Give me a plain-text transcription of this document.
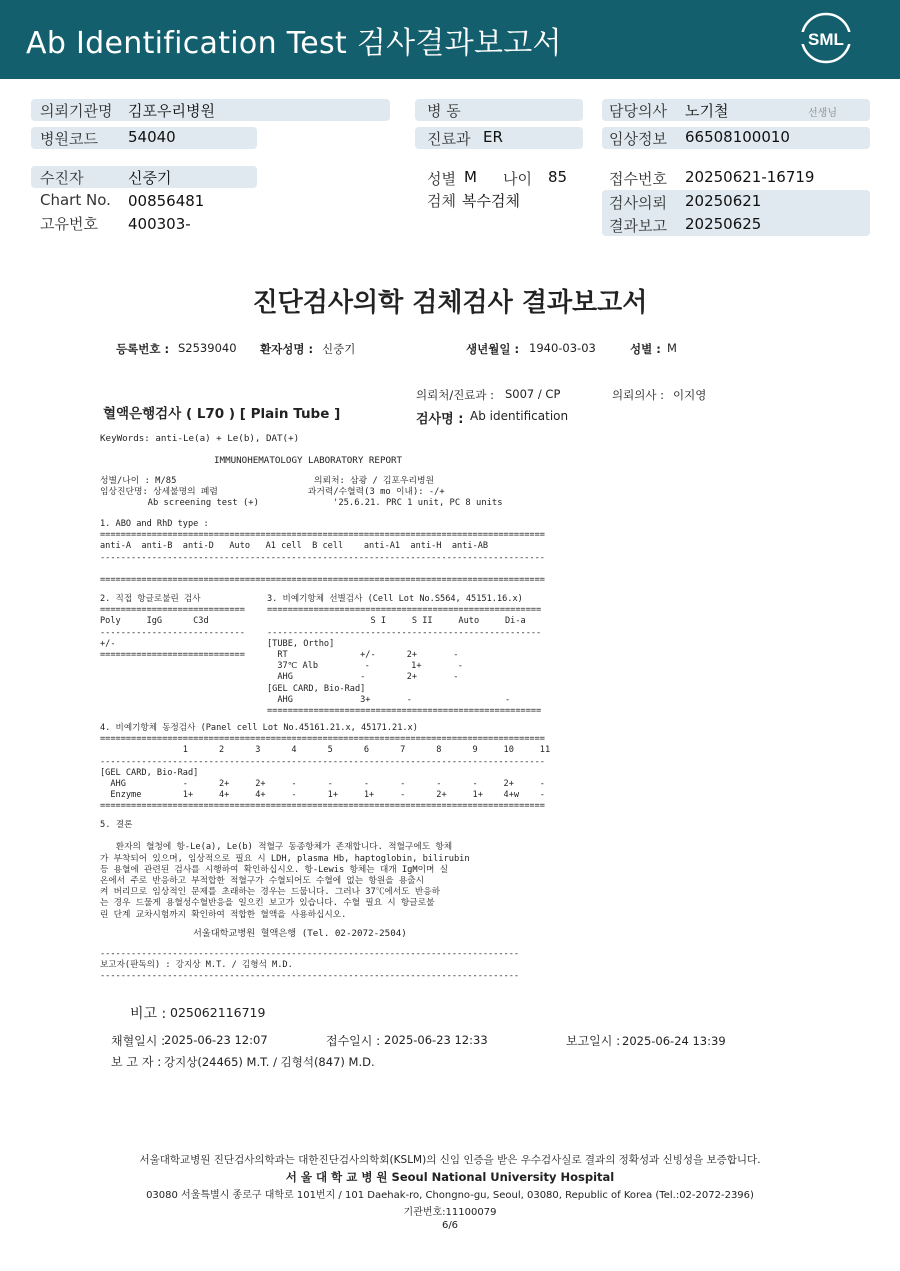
Ab Identification Test 검사결과보고서	SML
의뢰기관명 김포우리병원	병 동	담당의사 노기철	선생님
병원코드 54040	진료과 ER	임상정보 66508100010
수진자	신중기	성별 M 나이 85	접수번호 20250621-16719
Chart No. 00856481	검체 복수검체	검사의뢰 20250621
고유번호 400303-	결과보고 20250625
진단검사의학 검체검사 결과보고서
등록번호 : S2539040 환자성명 : 신중기	생년월일 : 1940-03-03	성별 : M
의뢰처/진료과 : S007 / CP	의뢰의사 : 이지영
혈액은행검사 ( L70 ) [ Plain Tube ]	검사명 : Ab identification
KeyWords: anti-Le(a) + Le(b), DAT(+)
IMMUNOHEMATOLOGY LABORATORY REPORT
성별/나이 : M/85                          의뢰처: 삼광 / 김포우리병원
임상진단명: 상세불명의 폐렴                 과거력/수혈력(3 mo 이내): -/+
Ab screening test (+)              '25.6.21. PRC 1 unit, PC 8 units
1. ABO and RhD type :
======================================================================================
anti-A  anti-B  anti-D   Auto   A1 cell  B cell    anti-A1  anti-H  anti-AB
--------------------------------------------------------------------------------------

======================================================================================
2. 직접 항글로불린 검사
============================
Poly     IgG      C3d
----------------------------
+/-
============================
3. 비예기항체 선별검사 (Cell Lot No.S564, 45151.16.x)
=====================================================
S I     S II     Auto     Di-a
-----------------------------------------------------
[TUBE, Ortho]
RT              +/-      2+       -
37℃ Alb         -        1+       -
AHG             -        2+       -
[GEL CARD, Bio-Rad]
AHG             3+       -                  -
=====================================================
4. 비예기항체 동정검사 (Panel cell Lot No.45161.21.x, 45171.21.x)
======================================================================================
1      2      3      4      5      6      7      8      9     10     11
--------------------------------------------------------------------------------------
[GEL CARD, Bio-Rad]
AHG           -      2+     2+     -      -      -      -      -      -     2+     -
Enzyme        1+     4+     4+     -      1+     1+     -      2+     1+    4+w    -
======================================================================================
5. 결론

환자의 혈청에 항-Le(a), Le(b) 적혈구 동종항체가 존재합니다. 적혈구에도 항체
가 부착되어 있으며, 임상적으로 필요 시 LDH, plasma Hb, haptoglobin, bilirubin
등 용혈에 관련된 검사를 시행하여 확인하십시오. 항-Lewis 항체는 대개 IgM이며 실
온에서 주로 반응하고 부적합한 적혈구가 수혈되어도 수혈에 없는 항원을 용출시
켜 버리므로 임상적인 문제를 초래하는 경우는 드뭅니다. 그러나 37℃에서도 반응하
는 경우 드물게 용혈성수혈반응을 일으킨 보고가 있습니다. 수혈 필요 시 항글로불
린 단계 교차시험까지 확인하여 적합한 혈액을 사용하십시오.
서울대학교병원 혈액은행 (Tel. 02-2072-2504)
---------------------------------------------------------------------------------
보고자(판독의) : 강지상 M.T. / 김형석 M.D.
---------------------------------------------------------------------------------
비고 : 025062116719
채혈일시 :
2025-06-23 12:07	접수일시 : 2025-06-23 12:33	보고일시 : 2025-06-24 13:39
보 고 자 : 강지상(24465) M.T. / 김형석(847) M.D.
서울대학교병원 진단검사의학과는 대한진단검사의학회(KSLM)의 신임 인증을 받은 우수검사실로 결과의 정확성과 신빙성을 보증합니다.
서 울 대 학 교 병 원 Seoul National University Hospital
03080 서울특별시 종로구 대학로 101번지 / 101 Daehak-ro, Chongno-gu, Seoul, 03080, Republic of Korea (Tel.:02-2072-2396)
기관번호:11100079
6/6
